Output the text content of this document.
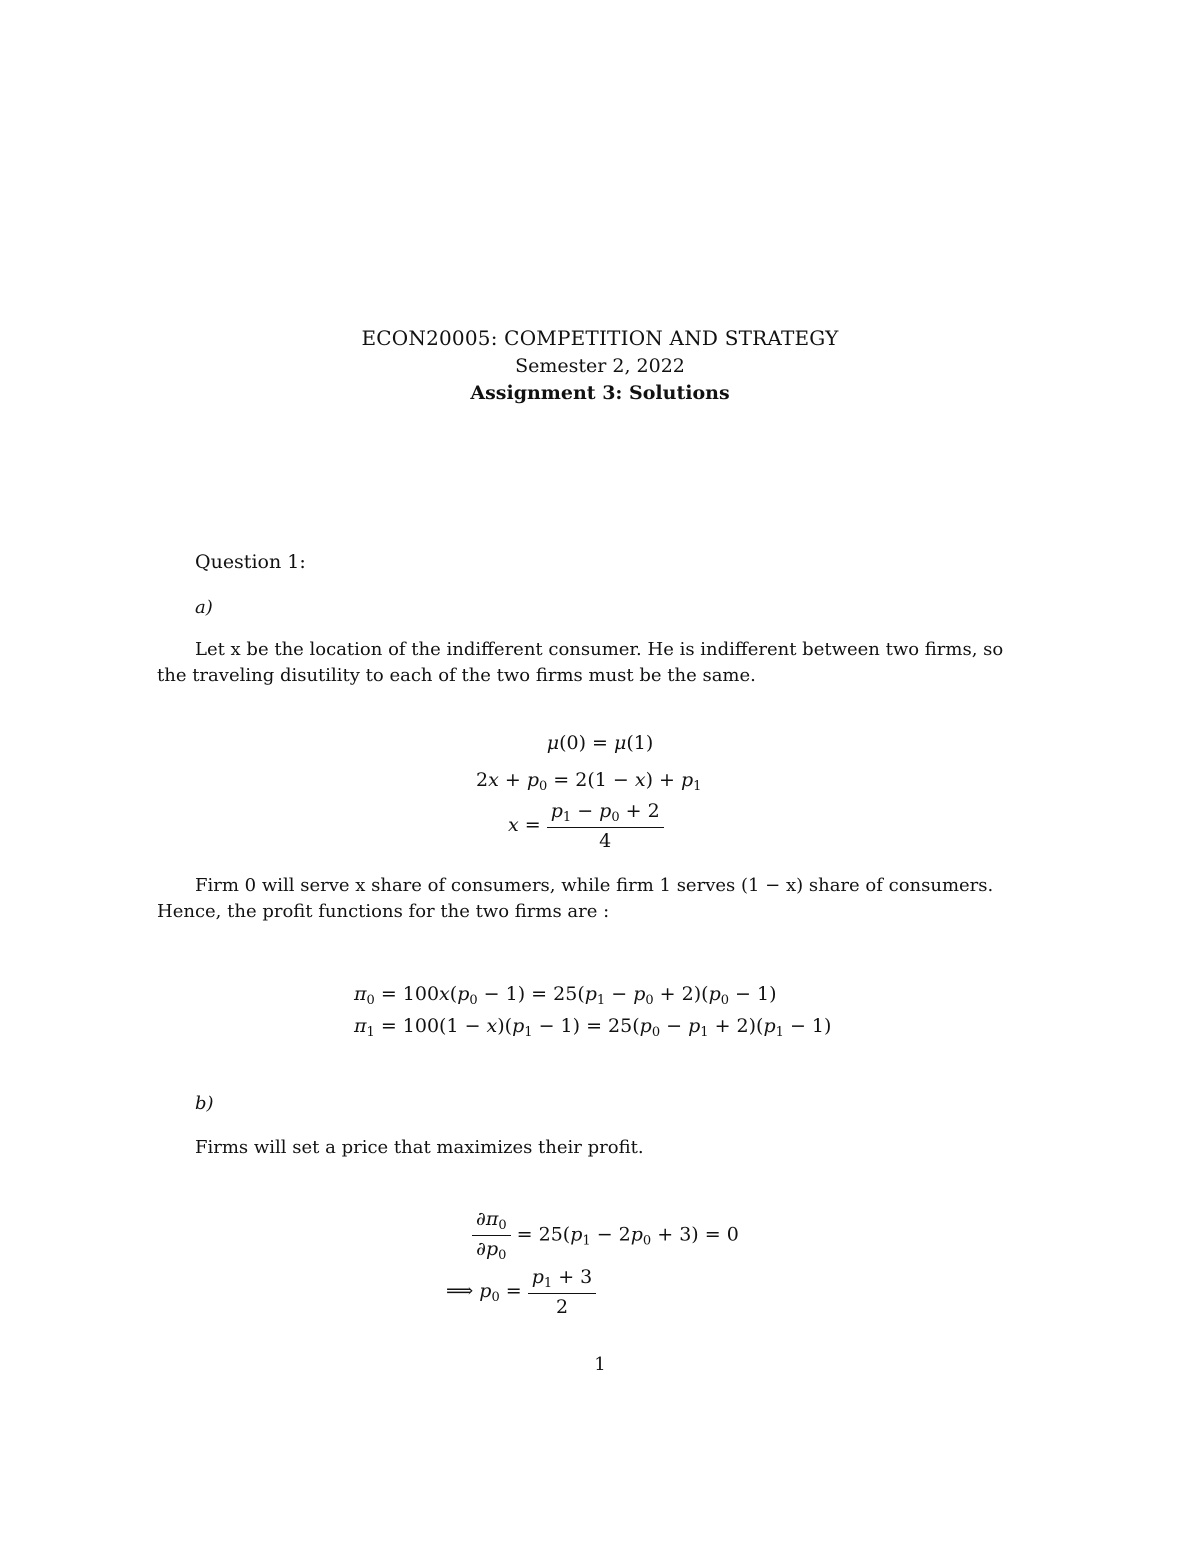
ECON20005: COMPETITION AND STRATEGY
Semester 2, 2022
Assignment 3: Solutions
Question 1:
a)
Let x be the location of the indifferent consumer. He is indifferent between two firms, so
the traveling disutility to each of the two firms must be the same.
μ(0) = μ(1)
$2x + p_0 = 2(1 - x) + p_1$
$x = \frac{p_1 - p_0 + 2}{4}$
Firm 0 will serve x share of consumers, while firm 1 serves (1 − x) share of consumers.
Hence, the profit functions for the two firms are :
$\pi_0 = 100x(p_0 - 1) = 25(p_1 - p_0 + 2)(p_0 - 1)$
$\pi_1 = 100(1 - x)(p_1 - 1) = 25(p_0 - p_1 + 2)(p_1 - 1)$
b)
Firms will set a price that maximizes their profit.
$\frac{\partial\pi_0}{\partial p_0} = 25(p_1 - 2p_0 + 3) = 0$
⟹ $p_0 = \frac{p_1 + 3}{2}$
1
